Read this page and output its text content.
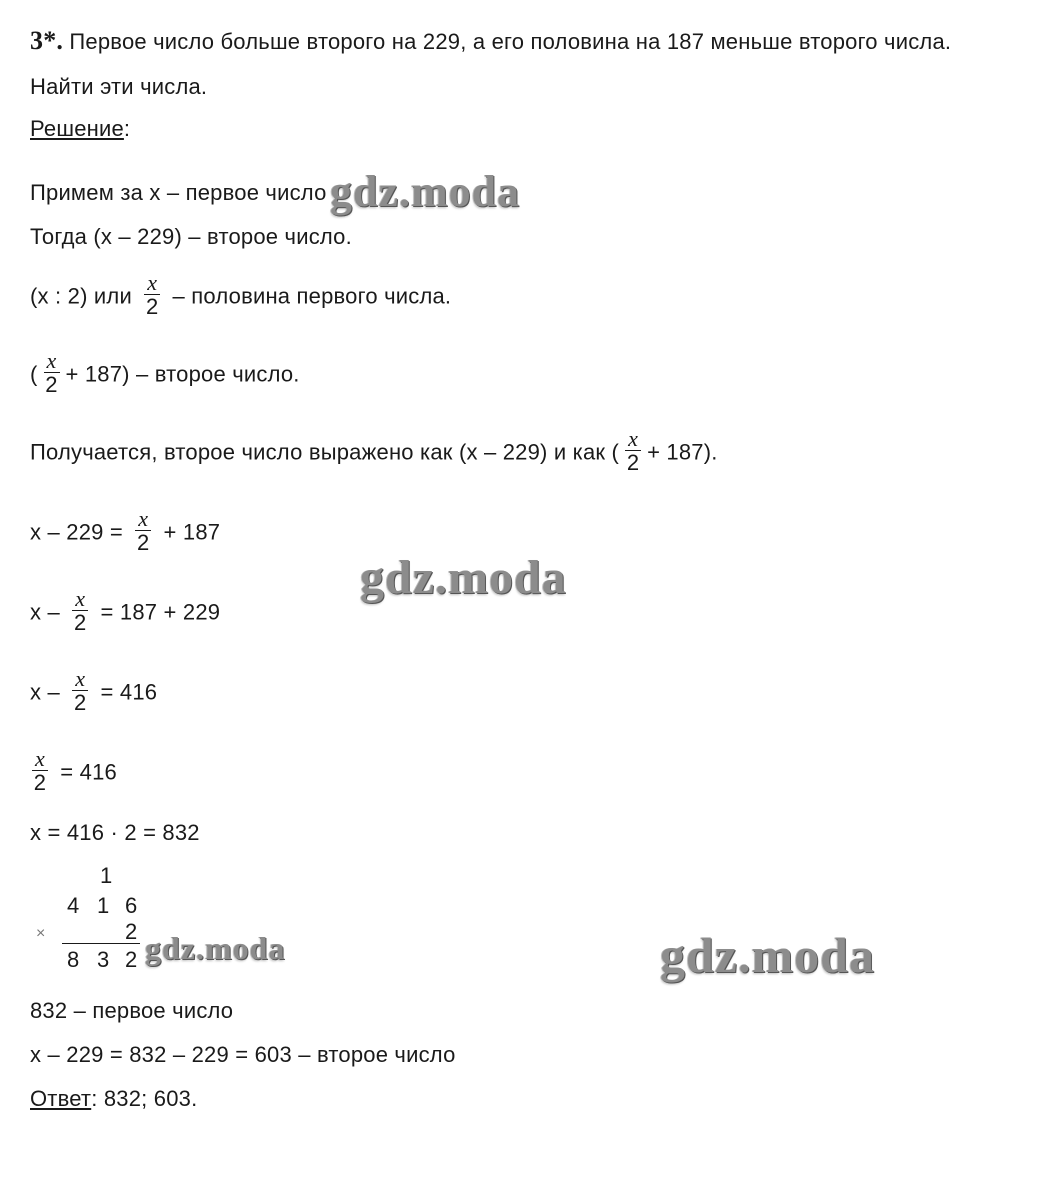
3*. Первое число больше второго на 229, а его половина на 187 меньше второго числа.
Найти эти числа.
Решение:
Примем за х – первое число
Тогда (х – 229) – второе число.
(х : 2) или $\frac{x}{2}$ – половина первого числа.
( $\frac{x}{2} + 187$) – второе число.
Получается, второе число выражено как (х – 229) и как ( $\frac{x}{2} + 187$).
$х - 229 = \frac{x}{2} + 187$
$х - \frac{x}{2} = 187 + 229$
$х - \frac{x}{2} = 416$
$\frac{x}{2} = 416$
х = 416 · 2 = 832
1
4 1 6
×	2
8 3 2
832 – первое число
х – 229 = 832 – 229 = 603 – второе число
Ответ: 832; 603.
gdz.moda
gdz.moda
gdz.moda	gdz.moda
